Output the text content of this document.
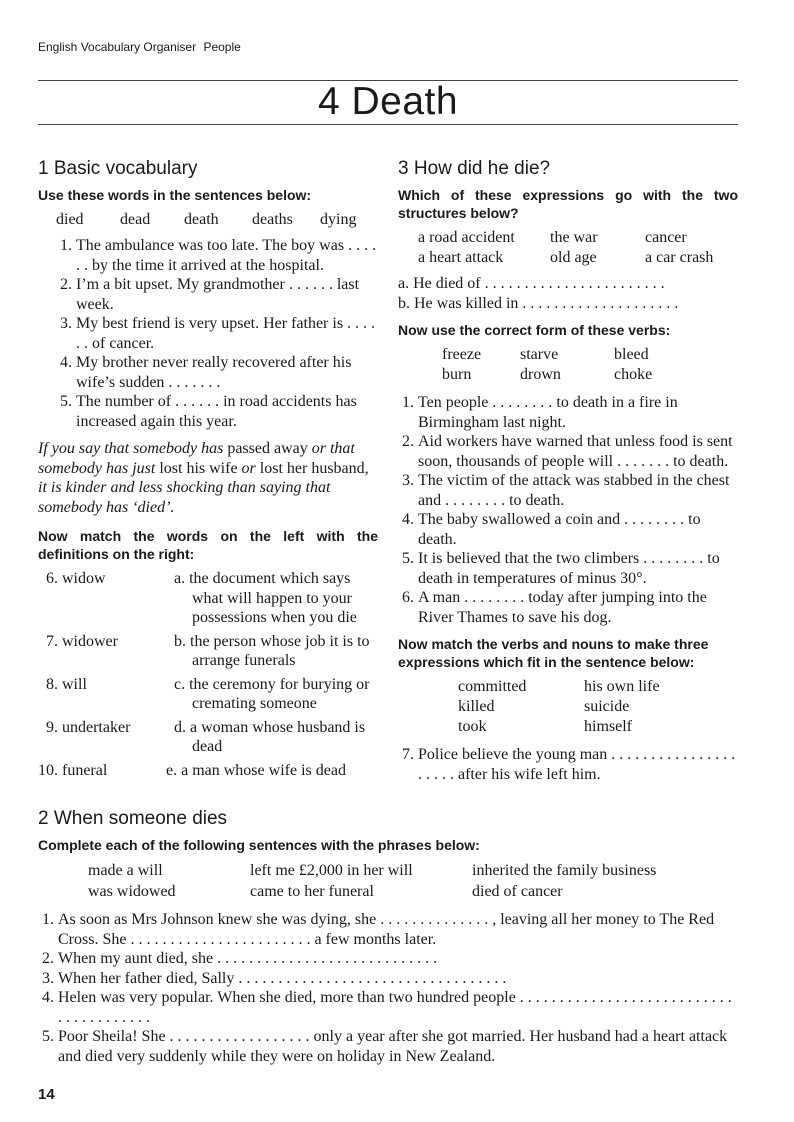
English Vocabulary Organiser People
4 Death
1 Basic vocabulary

Use these words in the sentences below:

died	dead	death	deaths	dying
1. The ambulance was too late. The boy was . . . . . . by the time it arrived at the hospital.
2. I’m a bit upset. My grandmother . . . . . . last week.
3. My best friend is very upset. Her father is . . . . . . of cancer.
4. My brother never really recovered after his wife’s sudden . . . . . . .
5. The number of . . . . . . in road accidents has increased again this year.

If you say that somebody has passed away or that somebody has just lost his wife or lost her husband, it is kinder and less shocking than saying that somebody has ‘died’.

Now match the words on the left with the definitions on the right:

6. widow	a. the document which says what will happen to your possessions when you die
7. widower	b. the person whose job it is to arrange funerals
8. will	c. the ceremony for burying or cremating someone
9. undertaker	d. a woman whose husband is dead
10. funeral	e. a man whose wife is dead
3 How did he die?

Which of these expressions go with the two structures below?

a road accident	the war	cancer
a heart attack	old age	a car crash
a. He died of . . . . . . . . . . . . . . . . . . . . . . .
b. He was killed in . . . . . . . . . . . . . . . . . . . .

Now use the correct form of these verbs:

freeze	starve	bleed
burn	drown	choke
1. Ten people . . . . . . . . to death in a fire in Birmingham last night.
2. Aid workers have warned that unless food is sent soon, thousands of people will . . . . . . . to death.
3. The victim of the attack was stabbed in the chest and . . . . . . . . to death.
4. The baby swallowed a coin and . . . . . . . . to death.
5. It is believed that the two climbers . . . . . . . . to death in temperatures of minus 30°.
6. A man . . . . . . . . today after jumping into the River Thames to save his dog.

Now match the verbs and nouns to make three expressions which fit in the sentence below:

committed	his own life
killed	suicide
took	himself
7. Police believe the young man . . . . . . . . . . . . . . . . . . . . . after his wife left him.
2 When someone dies

Complete each of the following sentences with the phrases below:

made a will	left me £2,000 in her will	inherited the family business
was widowed	came to her funeral	died of cancer
1. As soon as Mrs Johnson knew she was dying, she . . . . . . . . . . . . . . , leaving all her money to The Red Cross. She . . . . . . . . . . . . . . . . . . . . . . . a few months later.
2. When my aunt died, she . . . . . . . . . . . . . . . . . . . . . . . . . . . .
3. When her father died, Sally . . . . . . . . . . . . . . . . . . . . . . . . . . . . . . . . . .
4. Helen was very popular. When she died, more than two hundred people . . . . . . . . . . . . . . . . . . . . . . . . . . . . . . . . . . . . . . .
5. Poor Sheila! She . . . . . . . . . . . . . . . . . . only a year after she got married. Her husband had a heart attack and died very suddenly while they were on holiday in New Zealand.
14
